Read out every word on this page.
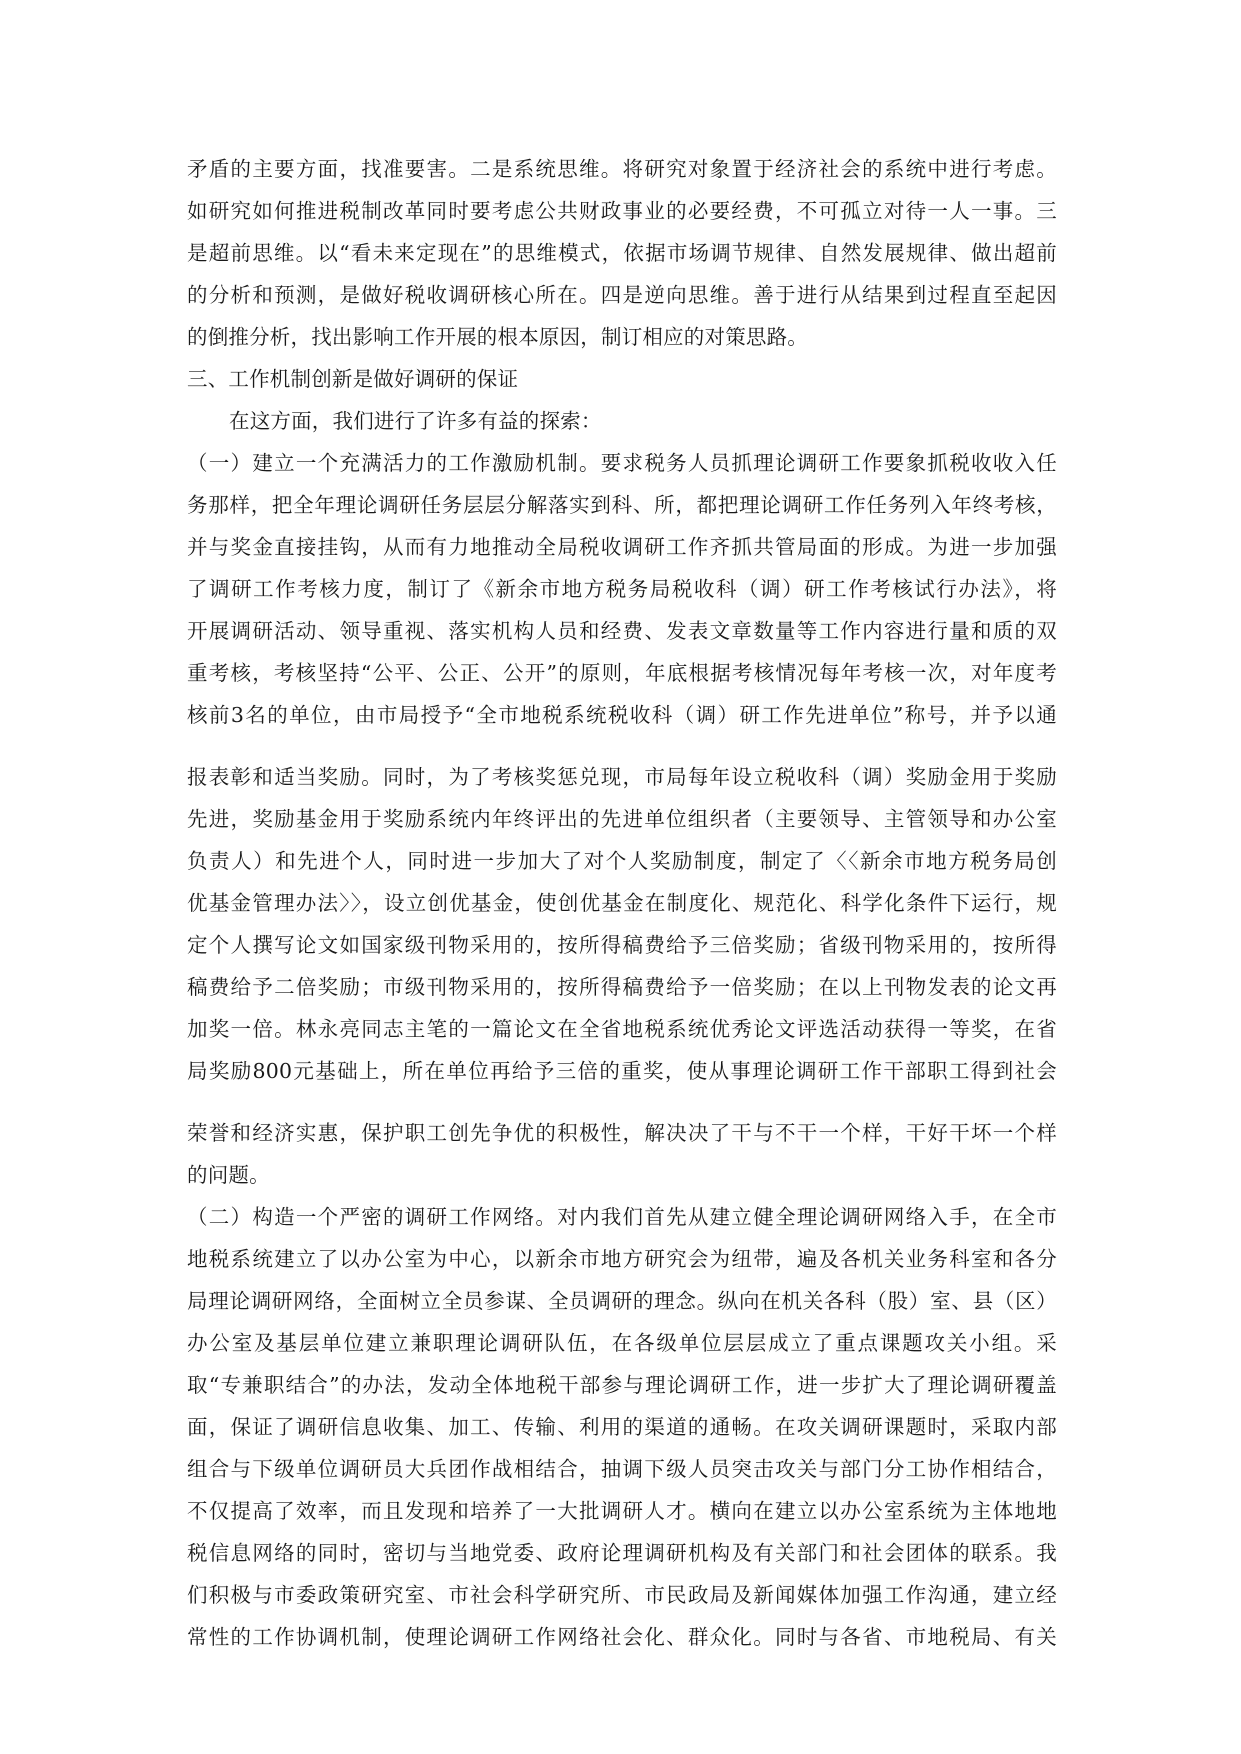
矛盾的主要方面，找准要害。二是系统思维。将研究对象置于经济社会的系统中进行考虑。
如研究如何推进税制改革同时要考虑公共财政事业的必要经费，不可孤立对待一人一事。三
是超前思维。以“看未来定现在”的思维模式，依据市场调节规律、自然发展规律、做出超前
的分析和预测，是做好税收调研核心所在。四是逆向思维。善于进行从结果到过程直至起因
的倒推分析，找出影响工作开展的根本原因，制订相应的对策思路。
三、工作机制创新是做好调研的保证
在这方面，我们进行了许多有益的探索：
（一）建立一个充满活力的工作激励机制。要求税务人员抓理论调研工作要象抓税收收入任
务那样，把全年理论调研任务层层分解落实到科、所，都把理论调研工作任务列入年终考核，
并与奖金直接挂钩，从而有力地推动全局税收调研工作齐抓共管局面的形成。为进一步加强
了调研工作考核力度，制订了《新余市地方税务局税收科（调）研工作考核试行办法》，将
开展调研活动、领导重视、落实机构人员和经费、发表文章数量等工作内容进行量和质的双
重考核，考核坚持“公平、公正、公开”的原则，年底根据考核情况每年考核一次，对年度考
核前3名的单位，由市局授予“全市地税系统税收科（调）研工作先进单位”称号，并予以通
报表彰和适当奖励。同时，为了考核奖惩兑现，市局每年设立税收科（调）奖励金用于奖励
先进，奖励基金用于奖励系统内年终评出的先进单位组织者（主要领导、主管领导和办公室
负责人）和先进个人，同时进一步加大了对个人奖励制度，制定了〈〈新余市地方税务局创
优基金管理办法〉〉，设立创优基金，使创优基金在制度化、规范化、科学化条件下运行，规
定个人撰写论文如国家级刊物采用的，按所得稿费给予三倍奖励；省级刊物采用的，按所得
稿费给予二倍奖励；市级刊物采用的，按所得稿费给予一倍奖励；在以上刊物发表的论文再
加奖一倍。林永亮同志主笔的一篇论文在全省地税系统优秀论文评选活动获得一等奖，在省
局奖励800元基础上，所在单位再给予三倍的重奖，使从事理论调研工作干部职工得到社会
荣誉和经济实惠，保护职工创先争优的积极性，解决决了干与不干一个样，干好干坏一个样
的问题。
（二）构造一个严密的调研工作网络。对内我们首先从建立健全理论调研网络入手，在全市
地税系统建立了以办公室为中心，以新余市地方研究会为纽带，遍及各机关业务科室和各分
局理论调研网络，全面树立全员参谋、全员调研的理念。纵向在机关各科（股）室、县（区）
办公室及基层单位建立兼职理论调研队伍，在各级单位层层成立了重点课题攻关小组。采
取“专兼职结合”的办法，发动全体地税干部参与理论调研工作，进一步扩大了理论调研覆盖
面，保证了调研信息收集、加工、传输、利用的渠道的通畅。在攻关调研课题时，采取内部
组合与下级单位调研员大兵团作战相结合，抽调下级人员突击攻关与部门分工协作相结合，
不仅提高了效率，而且发现和培养了一大批调研人才。横向在建立以办公室系统为主体地地
税信息网络的同时，密切与当地党委、政府论理调研机构及有关部门和社会团体的联系。我
们积极与市委政策研究室、市社会科学研究所、市民政局及新闻媒体加强工作沟通，建立经
常性的工作协调机制，使理论调研工作网络社会化、群众化。同时与各省、市地税局、有关
